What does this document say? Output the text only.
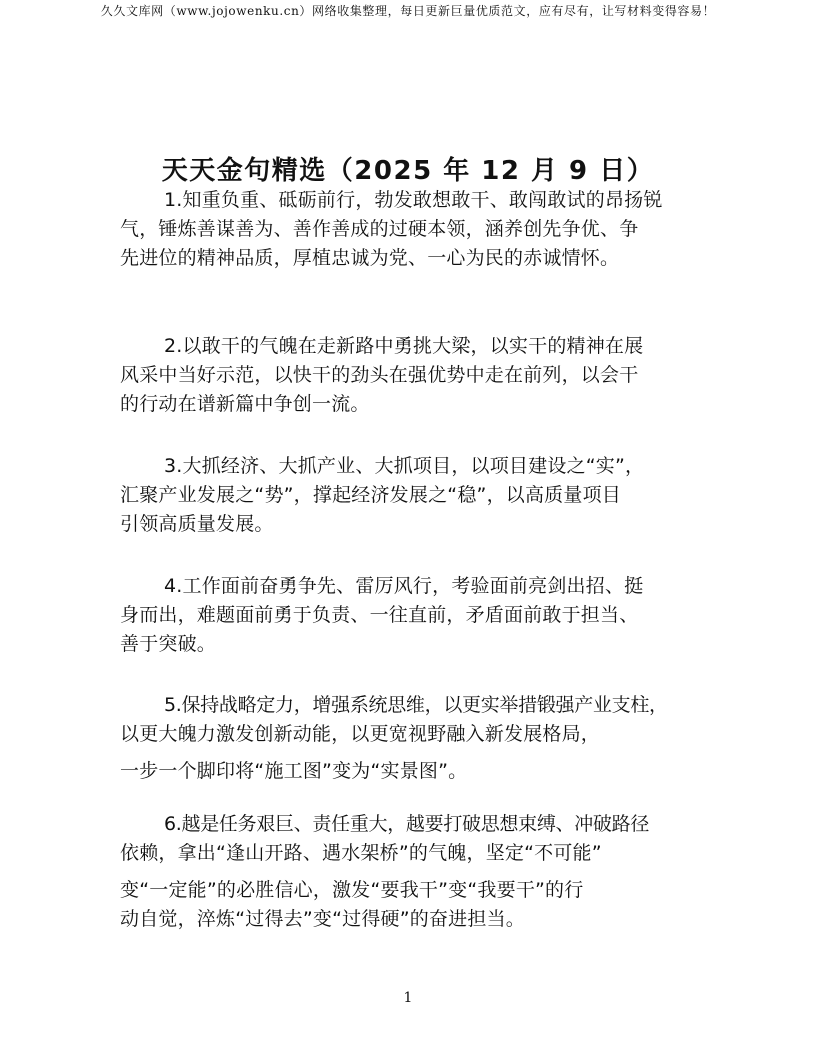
久久文库网（www.jojowenku.cn）网络收集整理，每日更新巨量优质范文，应有尽有，让写材料变得容易！
天天金句精选（2025 年 12 月 9 日）

1.知重负重、砥砺前行，勃发敢想敢干、敢闯敢试的昂扬锐
气，锤炼善谋善为、善作善成的过硬本领，涵养创先争优、争
先进位的精神品质，厚植忠诚为党、一心为民的赤诚情怀。

2.以敢干的气魄在走新路中勇挑大梁，以实干的精神在展
风采中当好示范，以快干的劲头在强优势中走在前列，以会干
的行动在谱新篇中争创一流。

3.大抓经济、大抓产业、大抓项目，以项目建设之“实”，
汇聚产业发展之“势”，撑起经济发展之“稳”，以高质量项目
引领高质量发展。

4.工作面前奋勇争先、雷厉风行，考验面前亮剑出招、挺
身而出，难题面前勇于负责、一往直前，矛盾面前敢于担当、
善于突破。

5.保持战略定力，增强系统思维，以更实举措锻强产业支柱，
以更大魄力激发创新动能，以更宽视野融入新发展格局，
一步一个脚印将“施工图”变为“实景图”。

6.越是任务艰巨、责任重大，越要打破思想束缚、冲破路径
依赖，拿出“逢山开路、遇水架桥”的气魄，坚定“不可能”
变“一定能”的必胜信心，激发“要我干”变“我要干”的行
动自觉，淬炼“过得去”变“过得硬”的奋进担当。

1
